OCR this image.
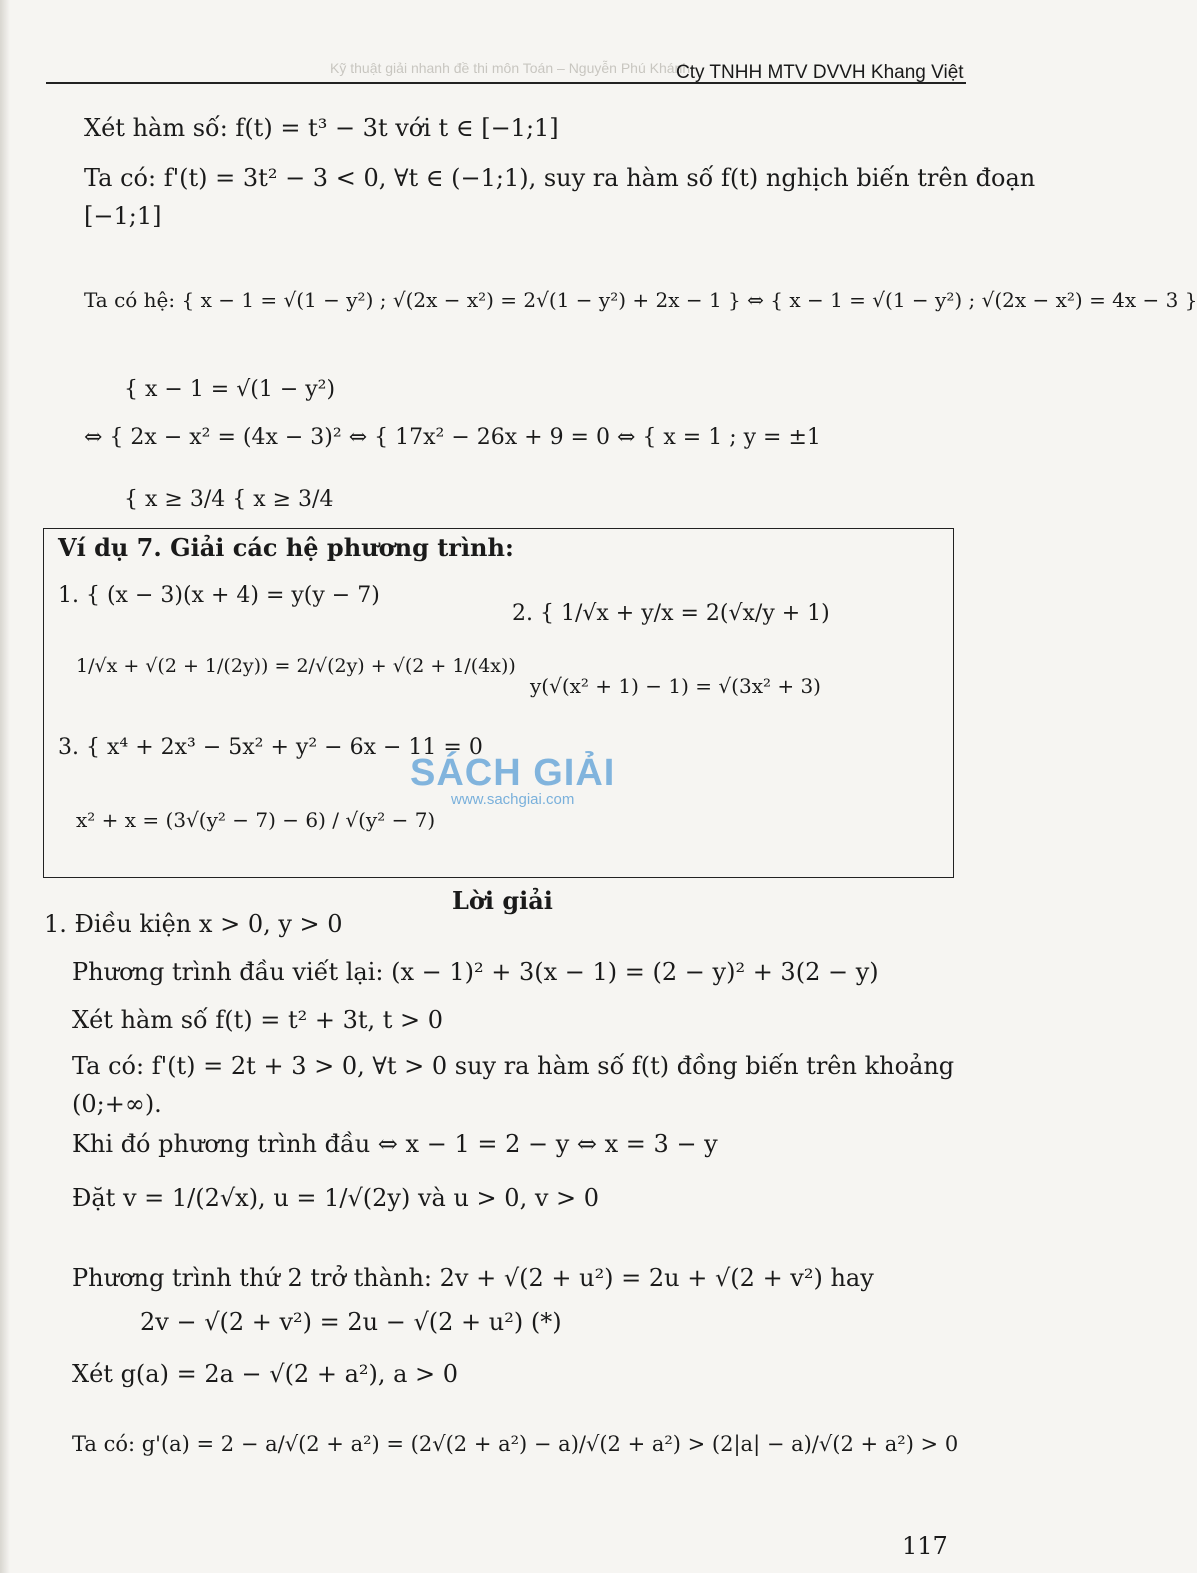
Kỹ thuật giải nhanh đề thi môn Toán – Nguyễn Phú Khánh
Cty TNHH MTV DVVH Khang Việt
Xét hàm số: f(t) = t³ − 3t với t ∈ [−1;1]
Ta có: f'(t) = 3t² − 3 < 0, ∀t ∈ (−1;1), suy ra hàm số f(t) nghịch biến trên đoạn
[−1;1]
Ta có hệ: { x − 1 = √(1 − y²) ; √(2x − x²) = 2√(1 − y²) + 2x − 1 } ⇔ { x − 1 = √(1 − y²) ; √(2x − x²) = 4x − 3 }
{ x − 1 = √(1 − y²)
⇔ { 2x − x² = (4x − 3)² ⇔ { 17x² − 26x + 9 = 0 ⇔ { x = 1 ; y = ±1
{ x ≥ 3/4 { x ≥ 3/4
Ví dụ 7. Giải các hệ phương trình:
1. { (x − 3)(x + 4) = y(y − 7)
1/√x + √(2 + 1/(2y)) = 2/√(2y) + √(2 + 1/(4x))
2. { 1/√x + y/x = 2(√x/y + 1)
y(√(x² + 1) − 1) = √(3x² + 3)
3. { x⁴ + 2x³ − 5x² + y² − 6x − 11 = 0
x² + x = (3√(y² − 7) − 6) / √(y² − 7)
SÁCH GIẢI
www.sachgiai.com
Lời giải
1. Điều kiện x > 0, y > 0
Phương trình đầu viết lại: (x − 1)² + 3(x − 1) = (2 − y)² + 3(2 − y)
Xét hàm số f(t) = t² + 3t, t > 0
Ta có: f'(t) = 2t + 3 > 0, ∀t > 0 suy ra hàm số f(t) đồng biến trên khoảng
(0;+∞).
Khi đó phương trình đầu ⇔ x − 1 = 2 − y ⇔ x = 3 − y
Đặt v = 1/(2√x), u = 1/√(2y) và u > 0, v > 0
Phương trình thứ 2 trở thành: 2v + √(2 + u²) = 2u + √(2 + v²) hay
2v − √(2 + v²) = 2u − √(2 + u²) (*)
Xét g(a) = 2a − √(2 + a²), a > 0
Ta có: g'(a) = 2 − a/√(2 + a²) = (2√(2 + a²) − a)/√(2 + a²) > (2|a| − a)/√(2 + a²) > 0
117
